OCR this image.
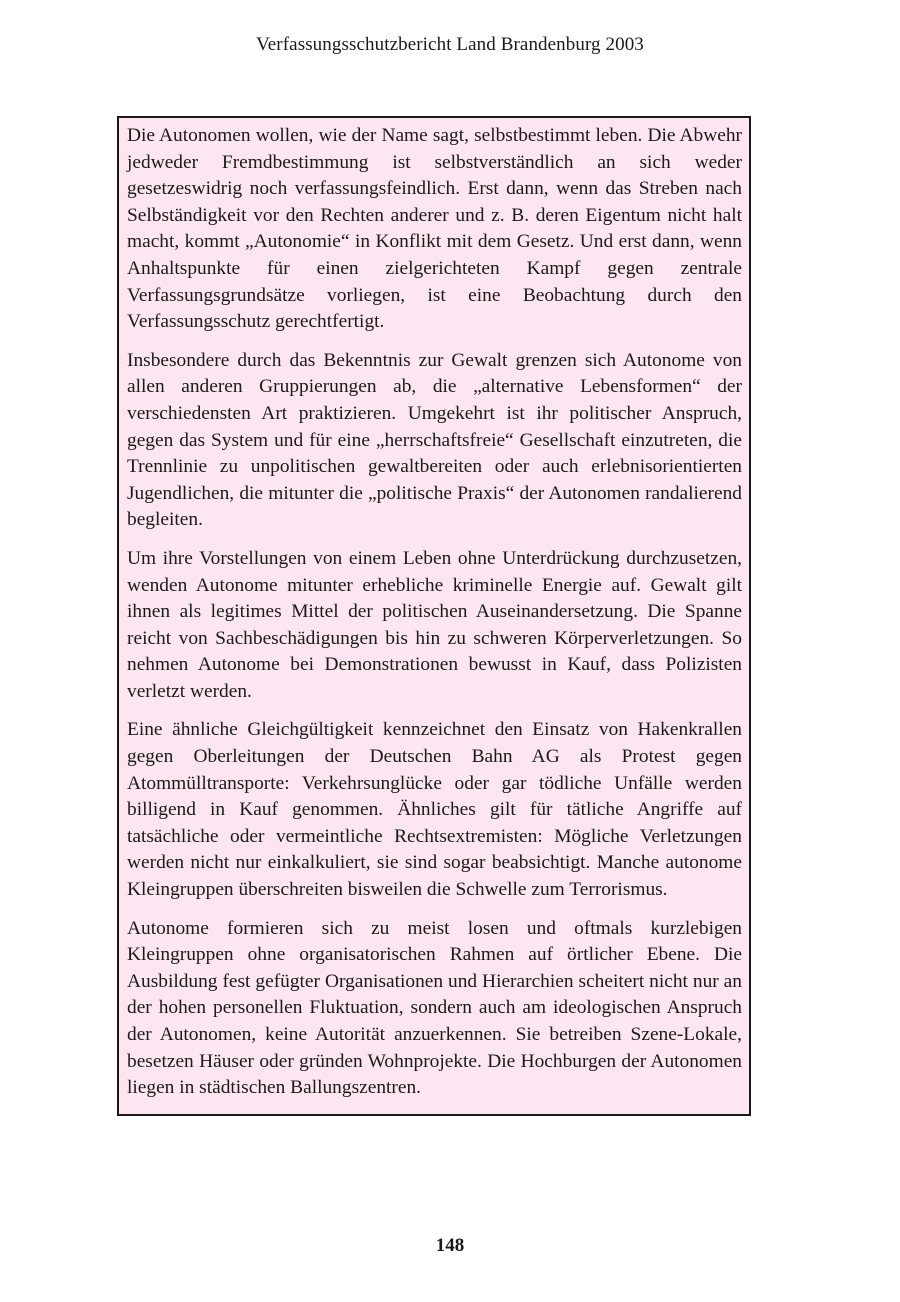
Verfassungsschutzbericht Land Brandenburg 2003

Die Autonomen wollen, wie der Name sagt, selbstbestimmt leben. Die Abwehr jedweder Fremdbestimmung ist selbstverständlich an sich weder gesetzeswidrig noch verfassungsfeindlich. Erst dann, wenn das Streben nach Selbständigkeit vor den Rechten anderer und z. B. deren Eigentum nicht halt macht, kommt „Autonomie“ in Konflikt mit dem Gesetz. Und erst dann, wenn Anhaltspunkte für einen zielgerichteten Kampf gegen zentrale Verfassungsgrundsätze vorliegen, ist eine Beobachtung durch den Verfassungsschutz gerechtfertigt.

Insbesondere durch das Bekenntnis zur Gewalt grenzen sich Autonome von allen anderen Gruppierungen ab, die „alternative Lebensformen“ der verschiedensten Art praktizieren. Umgekehrt ist ihr politischer Anspruch, gegen das System und für eine „herrschaftsfreie“ Gesellschaft einzutreten, die Trennlinie zu unpolitischen gewaltbereiten oder auch erlebnisorientierten Jugendlichen, die mitunter die „politische Praxis“ der Autonomen randalierend begleiten.

Um ihre Vorstellungen von einem Leben ohne Unterdrückung durchzusetzen, wenden Autonome mitunter erhebliche kriminelle Energie auf. Gewalt gilt ihnen als legitimes Mittel der politischen Auseinandersetzung. Die Spanne reicht von Sachbeschädigungen bis hin zu schweren Körperverletzungen. So nehmen Autonome bei Demonstrationen bewusst in Kauf, dass Polizisten verletzt werden.

Eine ähnliche Gleichgültigkeit kennzeichnet den Einsatz von Hakenkrallen gegen Oberleitungen der Deutschen Bahn AG als Protest gegen Atommülltransporte: Verkehrsunglücke oder gar tödliche Unfälle werden billigend in Kauf genommen. Ähnliches gilt für tätliche Angriffe auf tatsächliche oder vermeintliche Rechtsextremisten: Mögliche Verletzungen werden nicht nur einkalkuliert, sie sind sogar beabsichtigt. Manche autonome Kleingruppen überschreiten bisweilen die Schwelle zum Terrorismus.

Autonome formieren sich zu meist losen und oftmals kurzlebigen Kleingruppen ohne organisatorischen Rahmen auf örtlicher Ebene. Die Ausbildung fest gefügter Organisationen und Hierarchien scheitert nicht nur an der hohen personellen Fluktuation, sondern auch am ideologischen Anspruch der Autonomen, keine Autorität anzuerkennen. Sie betreiben Szene-Lokale, besetzen Häuser oder gründen Wohnprojekte. Die Hochburgen der Autonomen liegen in städtischen Ballungszentren.

148
